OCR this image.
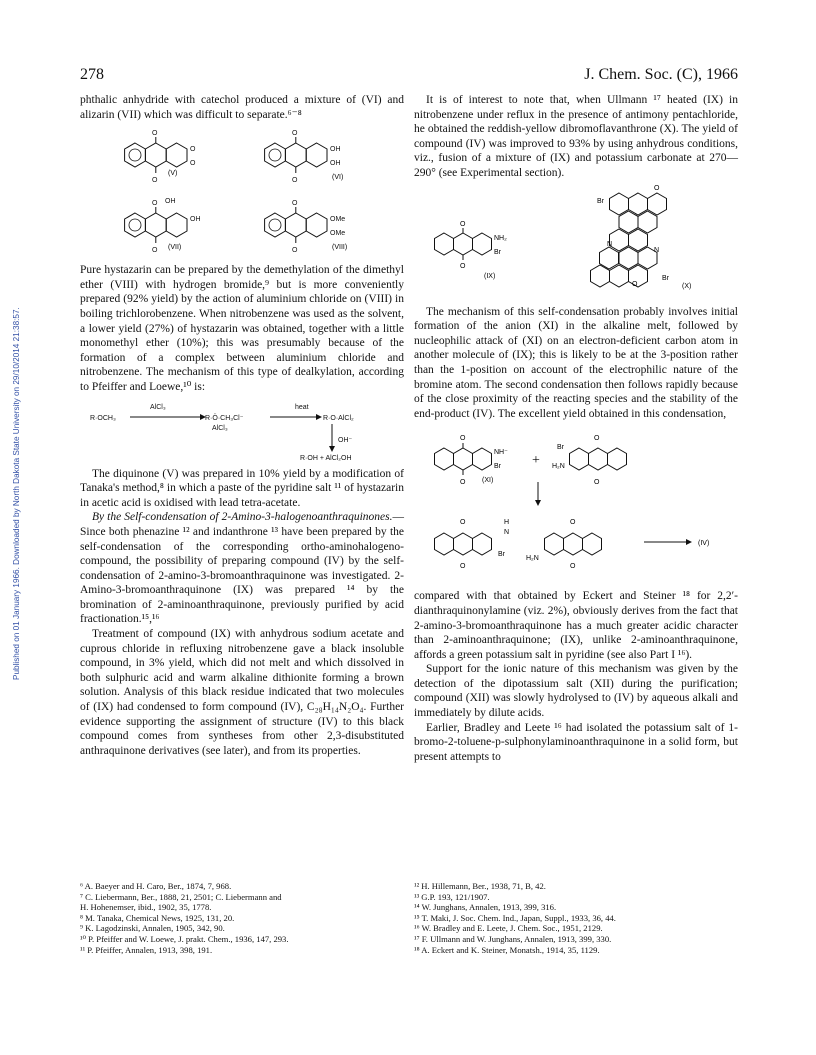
Published on 01 January 1966. Downloaded by North Dakota State University on 29/10/2014 21:38:57.
278	J. Chem. Soc. (C), 1966

phthalic anhydride with catechol produced a mixture of (VI) and alizarin (VII) which was difficult to separate.⁶⁻⁸

O
O
O
O
O
O
O
O
O
O
OH
OH
OH
OH	OMe
OMe
(V)
(VI)
(VII)	(VIII)

Pure hystazarin can be prepared by the demethylation of the dimethyl ether (VIII) with hydrogen bromide,⁹ but is more conveniently prepared (92% yield) by the action of aluminium chloride on (VIII) in boiling trichlorobenzene. When nitrobenzene was used as the solvent, a lower yield (27%) of hystazarin was obtained, together with a little monomethyl ether (10%); this was presumably because of the formation of a complex between aluminium chloride and nitrobenzene. The mechanism of this type of dealkylation, according to Pfeiffer and Loewe,¹⁰ is:

R·OCH₃
AlCl₃
R·Ö·CH₃Cl⁻
AlCl₃
heat
R·O·AlCl₂
OH⁻
R·OH + AlCl₂OH

The diquinone (V) was prepared in 10% yield by a modification of Tanaka's method,⁸ in which a paste of the pyridine salt ¹¹ of hystazarin in acetic acid is oxidised with lead tetra-acetate.

By the Self-condensation of 2-Amino-3-halogenoanthraquinones.—Since both phenazine ¹² and indanthrone ¹³ have been prepared by the self-condensation of the corresponding ortho-aminohalogeno-compound, the possibility of preparing compound (IV) by the self-condensation of 2-amino-3-bromoanthraquinone was investigated. 2-Amino-3-bromoanthraquinone (IX) was prepared ¹⁴ by the bromination of 2-aminoanthraquinone, previously purified by acid fractionation.¹⁵,¹⁶

Treatment of compound (IX) with anhydrous sodium acetate and cuprous chloride in refluxing nitrobenzene gave a black insoluble compound, in 3% yield, which did not melt and which dissolved in both sulphuric acid and warm alkaline dithionite forming a brown solution. Analysis of this black residue indicated that two molecules of (IX) had condensed to form compound (IV), C₂₈H₁₄N₂O₄. Further evidence supporting the assignment of structure (IV) to this black compound comes from syntheses from other 2,3-disubstituted anthraquinone derivatives (see later), and from its properties.

It is of interest to note that, when Ullmann ¹⁷ heated (IX) in nitrobenzene under reflux in the presence of antimony pentachloride, he obtained the reddish-yellow dibromoflavanthrone (X). The yield of compound (IV) was improved to 93% by using anhydrous conditions, viz., fusion of a mixture of (IX) and potassium carbonate at 270—290° (see Experimental section).

O
O
NH₂
Br
(IX)
O
O
Br
Br
N
N
(X)

The mechanism of this self-condensation probably involves initial formation of the anion (XI) in the alkaline melt, followed by nucleophilic attack of (XI) on an electron-deficient carbon atom in another molecule of (IX); this is likely to be at the 3-position rather than the 1-position on account of the electrophilic nature of the bromine atom. The second condensation then follows rapidly because of the close proximity of the reacting species and the stability of the end-product (IV). The excellent yield obtained in this condensation,

O
O
NH⁻
Br
(XI)
+
O
O
Br
H₂N
O
O
Br
N
H	O
O
H₂N
(IV)

compared with that obtained by Eckert and Steiner ¹⁸ for 2,2′-dianthraquinonylamine (viz. 2%), obviously derives from the fact that 2-amino-3-bromoanthraquinone has a much greater acidic character than 2-aminoanthraquinone; (IX), unlike 2-aminoanthraquinone, affords a green potassium salt in pyridine (see also Part I ¹⁶).

Support for the ionic nature of this mechanism was given by the detection of the dipotassium salt (XII) during the purification; compound (XII) was slowly hydrolysed to (IV) by aqueous alkali and immediately by dilute acids.

Earlier, Bradley and Leete ¹⁶ had isolated the potassium salt of 1-bromo-2-toluene-p-sulphonylaminoanthraquinone in a solid form, but present attempts to

⁶ A. Baeyer and H. Caro, Ber., 1874, 7, 968.
⁷ C. Liebermann, Ber., 1888, 21, 2501; C. Liebermann and
H. Hohenemser, ibid., 1902, 35, 1778.
⁸ M. Tanaka, Chemical News, 1925, 131, 20.
⁹ K. Lagodzinski, Annalen, 1905, 342, 90.
¹⁰ P. Pfeiffer and W. Loewe, J. prakt. Chem., 1936, 147, 293.
¹¹ P. Pfeiffer, Annalen, 1913, 398, 191.
¹² H. Hillemann, Ber., 1938, 71, B, 42.
¹³ G.P. 193, 121/1907.
¹⁴ W. Junghans, Annalen, 1913, 399, 316.
¹⁵ T. Maki, J. Soc. Chem. Ind., Japan, Suppl., 1933, 36, 44.
¹⁶ W. Bradley and E. Leete, J. Chem. Soc., 1951, 2129.
¹⁷ F. Ullmann and W. Junghans, Annalen, 1913, 399, 330.
¹⁸ A. Eckert and K. Steiner, Monatsh., 1914, 35, 1129.
